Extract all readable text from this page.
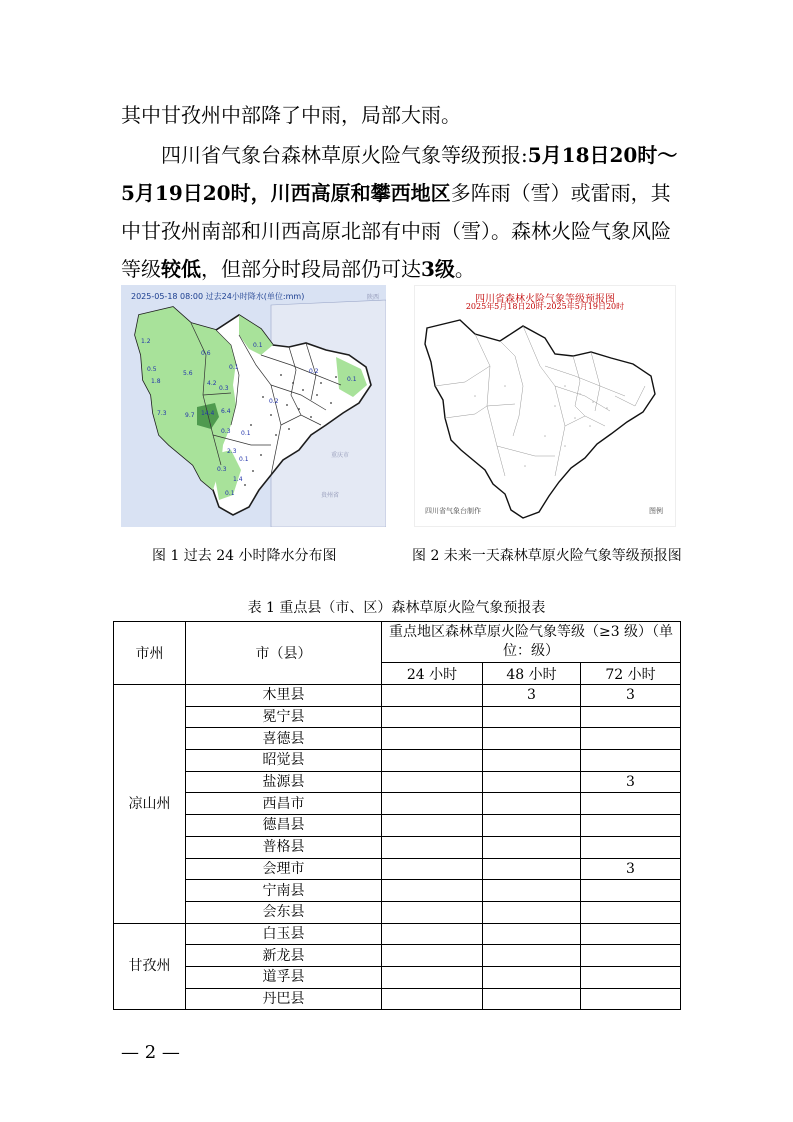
其中甘孜州中部降了中雨，局部大雨。

四川省气象台森林草原火险气象等级预报:5月18日20时～5月19日20时，川西高原和攀西地区多阵雨（雪）或雷雨，其中甘孜州南部和川西高原北部有中雨（雪）。森林火险气象风险等级较低，但部分时段局部仍可达3级。

2025-05-18 08:00 过去24小时降水(单位:mm)
1.2
0.5
1.8
0.6
5.6
7.3	9.7 14.4 6.4
0.1
4.2
0.3
0.1
0.2
0.1
1.4
0.3
2.3
0.3
0.1
0.1
0.2
0.1
陕西
重庆市
贵州省
四川省森林火险气象等级预报图
2025年5月18日20时-2025年5月19日20时
四川省气象台制作	图例
图 1 过去 24 小时降水分布图	图 2 未来一天森林草原火险气象等级预报图
表 1 重点县（市、区）森林草原火险气象预报表
市州	市（县）	重点地区森林草原火险气象等级（≥3 级）（单位：级）		
		24 小时	48 小时	72 小时
凉山州	木里县		3	3
	冕宁县			
	喜德县			
	昭觉县			
	盐源县			3
	西昌市			
	德昌县			
	普格县			
	会理市			3
	宁南县			
	会东县			
甘孜州	白玉县			
	新龙县			
	道孚县			
	丹巴县			
— 2 —
